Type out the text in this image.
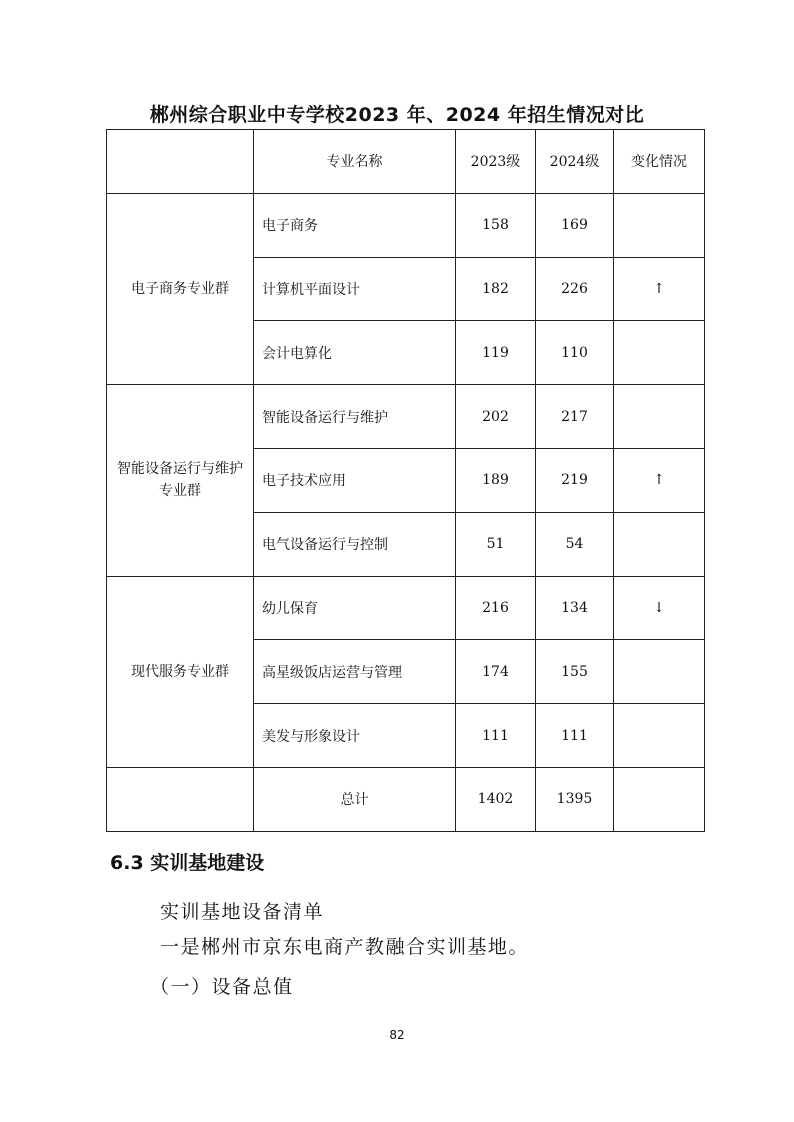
郴州综合职业中专学校2023 年、2024 年招生情况对比
	专业名称	2023级	2024级	变化情况
电子商务专业群	电子商务	158	169	
	计算机平面设计	182	226	↑
	会计电算化	119	110	
智能设备运行与维护专业群	智能设备运行与维护	202	217	
	电子技术应用	189	219	↑
	电气设备运行与控制	51	54	
现代服务专业群	幼儿保育	216	134	↓
	高星级饭店运营与管理	174	155	
	美发与形象设计	111	111	
	总计	1402	1395	
6.3 实训基地建设
实训基地设备清单
一是郴州市京东电商产教融合实训基地。
（一）设备总值
82
